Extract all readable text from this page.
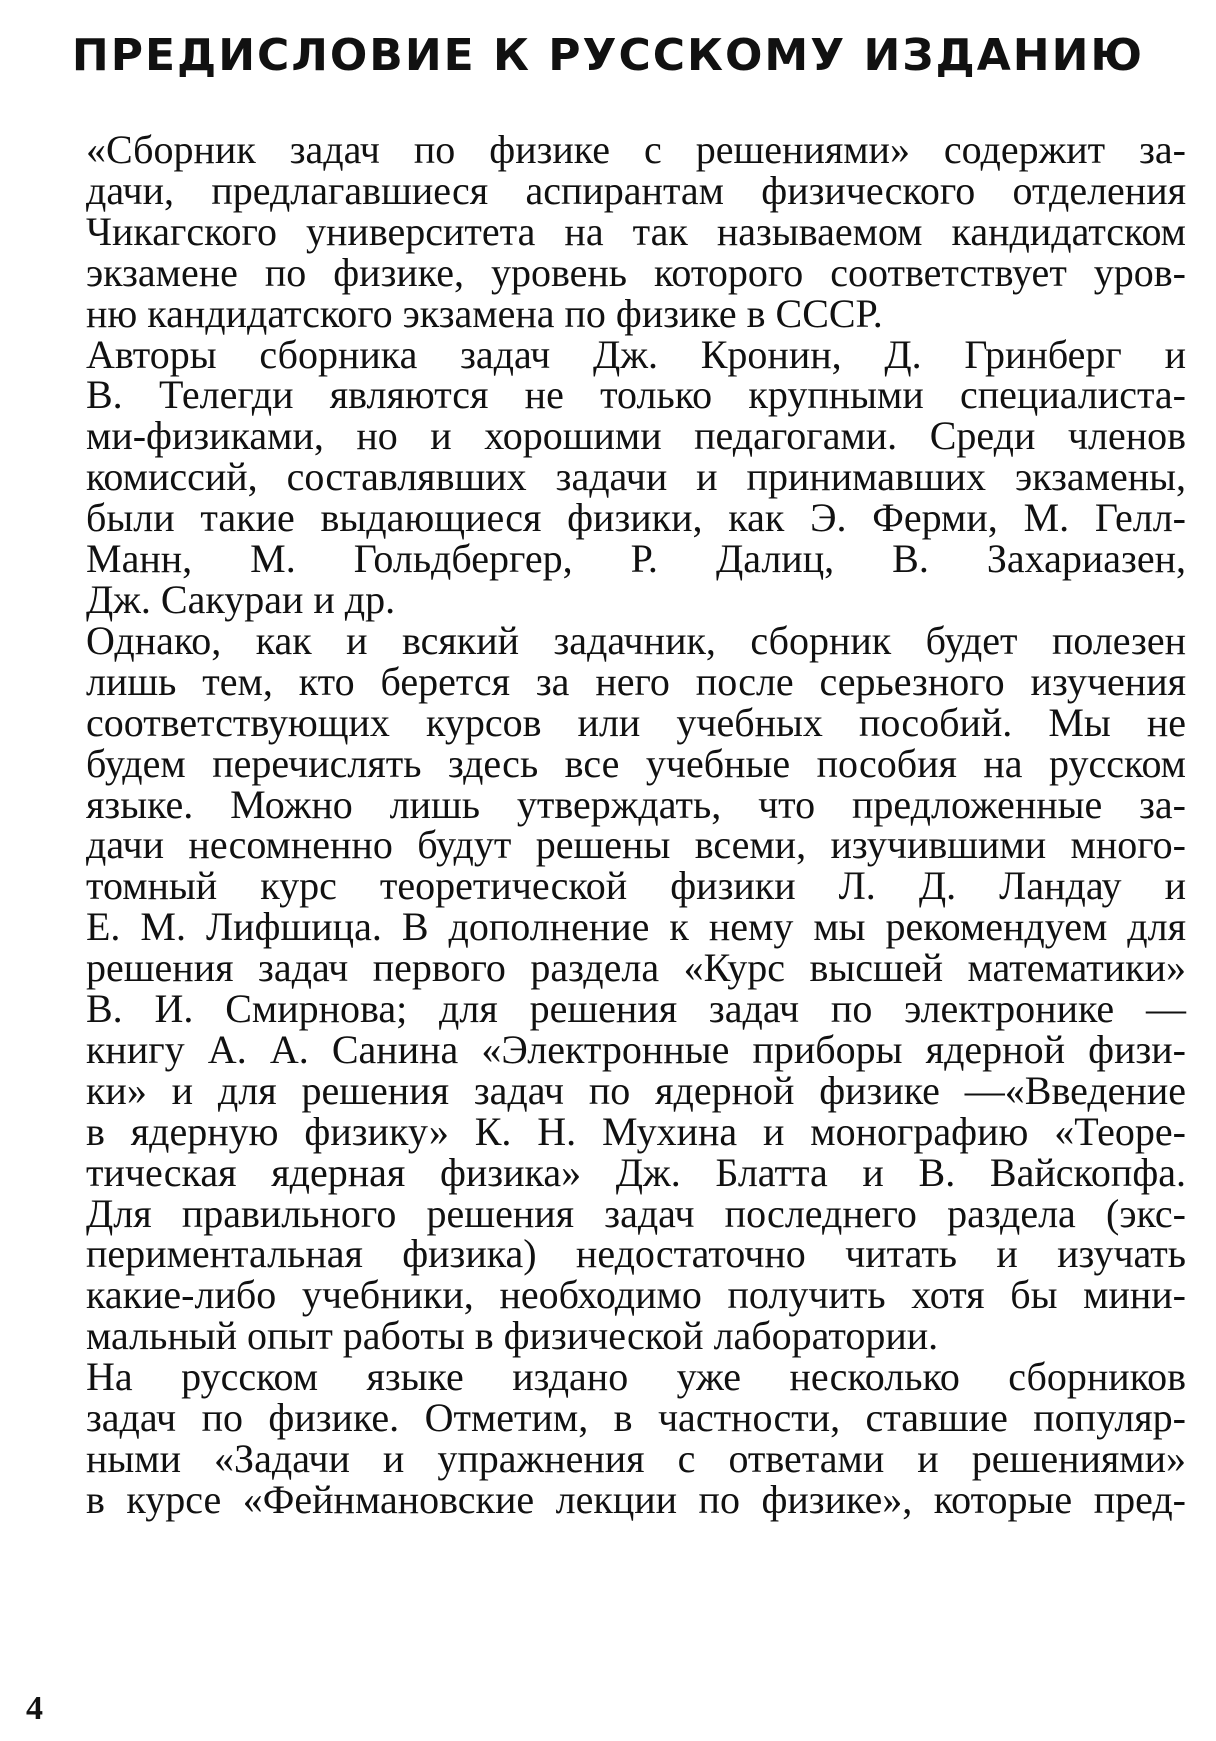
ПРЕДИСЛОВИЕ К РУССКОМУ ИЗДАНИЮ

«Сборник задач по физике с решениями» содержит за-
дачи, предлагавшиеся аспирантам физического отделения
Чикагского университета на так называемом кандидатском
экзамене по физике, уровень которого соответствует уров-
ню кандидатского экзамена по физике в СССР.

Авторы сборника задач Дж. Кронин, Д. Гринберг и
В. Телегди являются не только крупными специалиста-
ми-физиками, но и хорошими педагогами. Среди членов
комиссий, составлявших задачи и принимавших экзамены,
были такие выдающиеся физики, как Э. Ферми, М. Гелл-
Манн, М. Гольдбергер, Р. Далиц, В. Захариазен,
Дж. Сакураи и др.

Однако, как и всякий задачник, сборник будет полезен
лишь тем, кто берется за него после серьезного изучения
соответствующих курсов или учебных пособий. Мы не
будем перечислять здесь все учебные пособия на русском
языке. Можно лишь утверждать, что предложенные за-
дачи несомненно будут решены всеми, изучившими много-
томный курс теоретической физики Л. Д. Ландау и
Е. М. Лифшица. В дополнение к нему мы рекомендуем для
решения задач первого раздела «Курс высшей математики»
В. И. Смирнова; для решения задач по электронике —
книгу А. А. Санина «Электронные приборы ядерной физи-
ки» и для решения задач по ядерной физике —«Введение
в ядерную физику» К. Н. Мухина и монографию «Теоре-
тическая ядерная физика» Дж. Блатта и В. Вайскопфа.
Для правильного решения задач последнего раздела (экс-
периментальная физика) недостаточно читать и изучать
какие-либо учебники, необходимо получить хотя бы мини-
мальный опыт работы в физической лаборатории.

На русском языке издано уже несколько сборников
задач по физике. Отметим, в частности, ставшие популяр-
ными «Задачи и упражнения с ответами и решениями»
в курсе «Фейнмановские лекции по физике», которые пред-

4
